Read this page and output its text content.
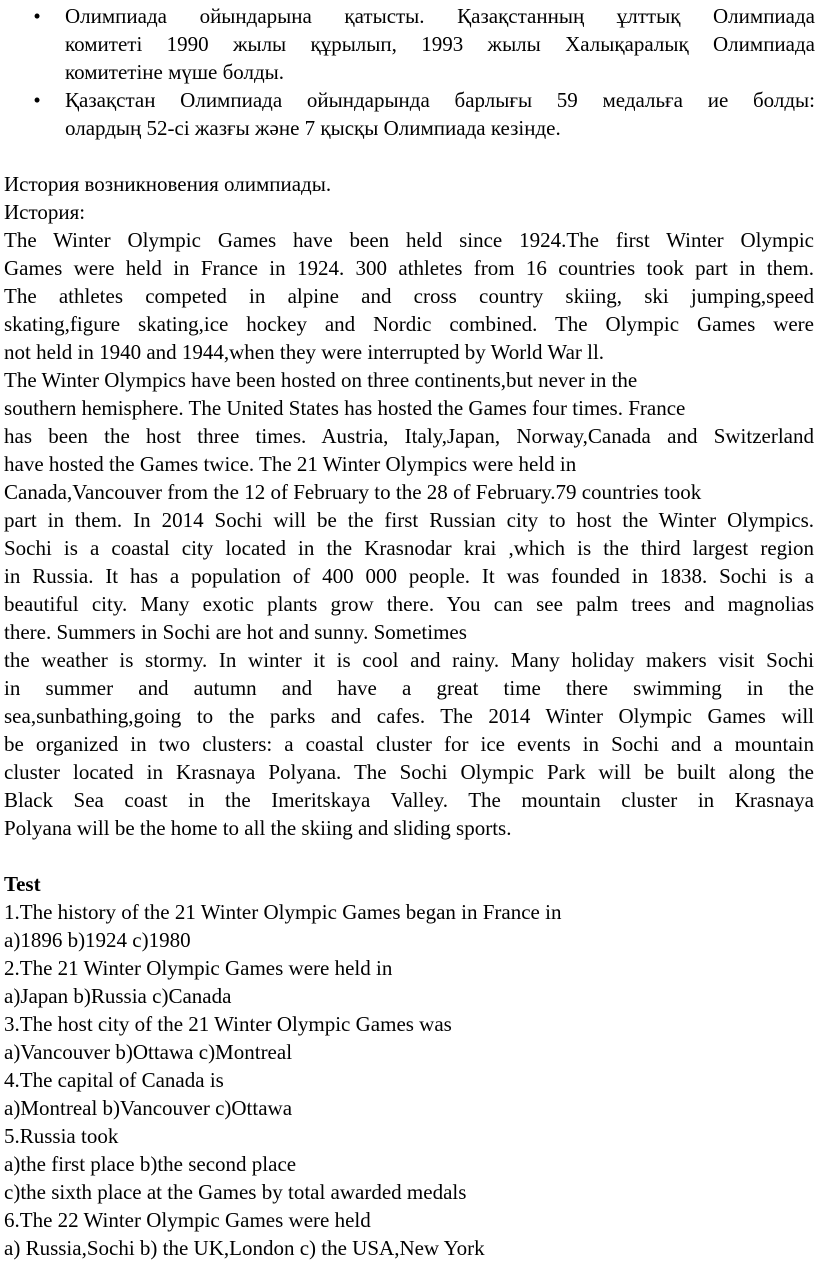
• Олимпиада ойындарына қатысты. Қазақстанның ұлттық Олимпиада
комитеті 1990 жылы құрылып, 1993 жылы Халықаралық Олимпиада
комитетіне мүше болды.
• Қазақстан Олимпиада ойындарында барлығы 59 медальға ие болды:
олардың 52-сі жазғы және 7 қысқы Олимпиада кезінде.
История возникновения олимпиады.
История:
The Winter Olympic Games have been held since 1924.The first Winter Olympic
Games were held in France in 1924. 300 athletes from 16 countries took part in them.
The athletes competed in alpine and cross country skiing, ski jumping,speed
skating,figure skating,ice hockey and Nordic combined. The Olympic Games were
not held in 1940 and 1944,when they were interrupted by World War ll.
The Winter Olympics have been hosted on three continents,but never in the
southern hemisphere. The United States has hosted the Games four times. France
has been the host three times. Austria, Italy,Japan, Norway,Canada and Switzerland
have hosted the Games twice. The 21 Winter Olympics were held in
Canada,Vancouver from the 12 of February to the 28 of February.79 countries took
part in them. In 2014 Sochi will be the first Russian city to host the Winter Olympics.
Sochi is a coastal city located in the Krasnodar krai ,which is the third largest region
in Russia. It has a population of 400 000 people. It was founded in 1838. Sochi is a
beautiful city. Many exotic plants grow there. You can see palm trees and magnolias
there. Summers in Sochi are hot and sunny. Sometimes
the weather is stormy. In winter it is cool and rainy. Many holiday makers visit Sochi
in summer and autumn and have a great time there swimming in the
sea,sunbathing,going to the parks and cafes. The 2014 Winter Olympic Games will
be organized in two clusters: a coastal cluster for ice events in Sochi and a mountain
cluster located in Krasnaya Polyana. The Sochi Olympic Park will be built along the
Black Sea coast in the Imeritskaya Valley. The mountain cluster in Krasnaya
Polyana will be the home to all the skiing and sliding sports.
Test
1.The history of the 21 Winter Olympic Games began in France in
a)1896 b)1924 c)1980
2.The 21 Winter Olympic Games were held in
a)Japan b)Russia c)Canada
3.The host city of the 21 Winter Olympic Games was
a)Vancouver b)Ottawa c)Montreal
4.The capital of Canada is
a)Montreal b)Vancouver c)Ottawa
5.Russia took
a)the first place b)the second place
c)the sixth place at the Games by total awarded medals
6.The 22 Winter Olympic Games were held
a) Russia,Sochi b) the UK,London c) the USA,New York
